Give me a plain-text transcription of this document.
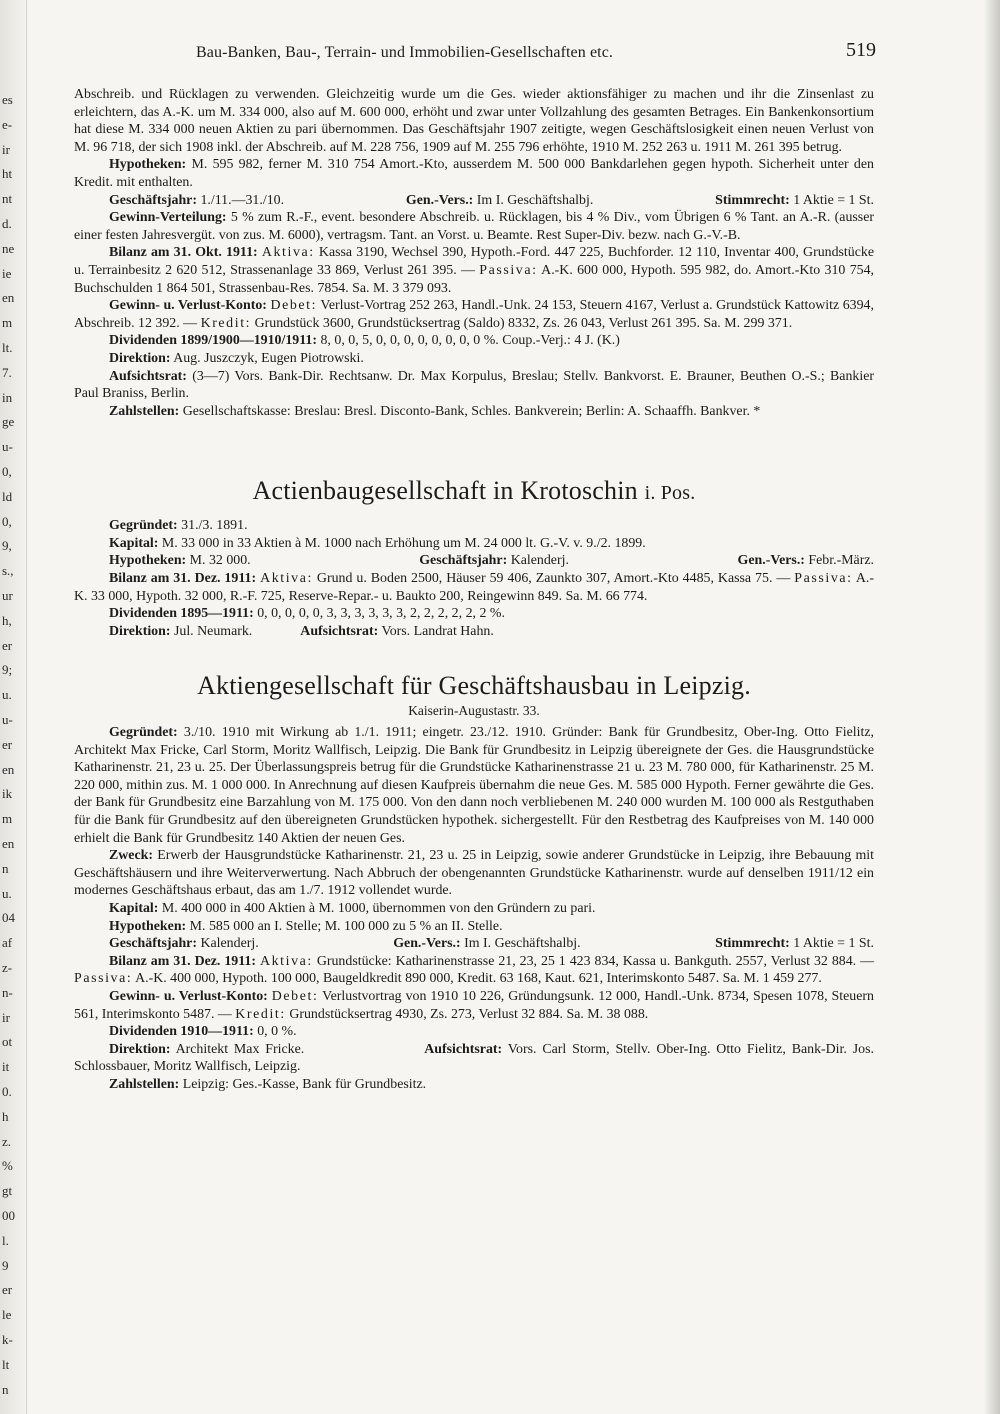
es
e-
ir
ht
nt
d.
ne
ie
en
m
lt.
7.
in
ge
u-
0,
ld
0,
9,
s.,
ur
h,
er
9;
u.
u-
er
en
ik
m
en
n
u.
04
af
z-
n-
ir
ot
it
0.
h
z.
%
gt
00
l.
9
er
le
k-
lt
n
Bau-Banken, Bau-, Terrain- und Immobilien-Gesellschaften etc.	519

Abschreib. und Rücklagen zu verwenden. Gleichzeitig wurde um die Ges. wieder aktionsfähiger zu machen und ihr die Zinsenlast zu erleichtern, das A.-K. um M. 334 000, also auf M. 600 000, erhöht und zwar unter Vollzahlung des gesamten Betrages. Ein Bankenkonsortium hat diese M. 334 000 neuen Aktien zu pari übernommen. Das Geschäftsjahr 1907 zeitigte, wegen Geschäftslosigkeit einen neuen Verlust von M. 96 718, der sich 1908 inkl. der Abschreib. auf M. 228 756, 1909 auf M. 255 796 erhöhte, 1910 M. 252 263 u. 1911 M. 261 395 betrug.

Hypotheken: M. 595 982, ferner M. 310 754 Amort.-Kto, ausserdem M. 500 000 Bankdarlehen gegen hypoth. Sicherheit unter den Kredit. mit enthalten.

Geschäftsjahr: 1./11.—31./10.	Gen.-Vers.: Im I. Geschäftshalbj.	Stimmrecht: 1 Aktie = 1 St.

Gewinn-Verteilung: 5 % zum R.-F., event. besondere Abschreib. u. Rücklagen, bis 4 % Div., vom Übrigen 6 % Tant. an A.-R. (ausser einer festen Jahresvergüt. von zus. M. 6000), vertragsm. Tant. an Vorst. u. Beamte. Rest Super-Div. bezw. nach G.-V.-B.

Bilanz am 31. Okt. 1911: Aktiva: Kassa 3190, Wechsel 390, Hypoth.-Ford. 447 225, Buchforder. 12 110, Inventar 400, Grundstücke u. Terrainbesitz 2 620 512, Strassenanlage 33 869, Verlust 261 395. — Passiva: A.-K. 600 000, Hypoth. 595 982, do. Amort.-Kto 310 754, Buchschulden 1 864 501, Strassenbau-Res. 7854. Sa. M. 3 379 093.

Gewinn- u. Verlust-Konto: Debet: Verlust-Vortrag 252 263, Handl.-Unk. 24 153, Steuern 4167, Verlust a. Grundstück Kattowitz 6394, Abschreib. 12 392. — Kredit: Grundstück 3600, Grundstücksertrag (Saldo) 8332, Zs. 26 043, Verlust 261 395. Sa. M. 299 371.

Dividenden 1899/1900—1910/1911: 8, 0, 0, 5, 0, 0, 0, 0, 0, 0, 0, 0 %. Coup.-Verj.: 4 J. (K.)

Direktion: Aug. Juszczyk, Eugen Piotrowski.

Aufsichtsrat: (3—7) Vors. Bank-Dir. Rechtsanw. Dr. Max Korpulus, Breslau; Stellv. Bankvorst. E. Brauner, Beuthen O.-S.; Bankier Paul Braniss, Berlin.

Zahlstellen: Gesellschaftskasse: Breslau: Bresl. Disconto-Bank, Schles. Bankverein; Berlin: A. Schaaffh. Bankver. *

Actienbaugesellschaft in Krotoschin i. Pos.

Gegründet: 31./3. 1891.

Kapital: M. 33 000 in 33 Aktien à M. 1000 nach Erhöhung um M. 24 000 lt. G.-V. v. 9./2. 1899.

Hypotheken: M. 32 000.	Geschäftsjahr: Kalenderj.	Gen.-Vers.: Febr.-März.

Bilanz am 31. Dez. 1911: Aktiva: Grund u. Boden 2500, Häuser 59 406, Zaunkto 307, Amort.-Kto 4485, Kassa 75. — Passiva: A.-K. 33 000, Hypoth. 32 000, R.-F. 725, Reserve-Repar.- u. Baukto 200, Reingewinn 849. Sa. M. 66 774.

Dividenden 1895—1911: 0, 0, 0, 0, 0, 3, 3, 3, 3, 3, 3, 2, 2, 2, 2, 2, 2 %.

Direktion: Jul. Neumark.	Aufsichtsrat: Vors. Landrat Hahn.

Aktiengesellschaft für Geschäftshausbau in Leipzig.

Kaiserin-Augustastr. 33.

Gegründet: 3./10. 1910 mit Wirkung ab 1./1. 1911; eingetr. 23./12. 1910. Gründer: Bank für Grundbesitz, Ober-Ing. Otto Fielitz, Architekt Max Fricke, Carl Storm, Moritz Wallfisch, Leipzig. Die Bank für Grundbesitz in Leipzig übereignete der Ges. die Hausgrundstücke Katharinenstr. 21, 23 u. 25. Der Überlassungspreis betrug für die Grundstücke Katharinenstrasse 21 u. 23 M. 780 000, für Katharinenstr. 25 M. 220 000, mithin zus. M. 1 000 000. In Anrechnung auf diesen Kaufpreis übernahm die neue Ges. M. 585 000 Hypoth. Ferner gewährte die Ges. der Bank für Grundbesitz eine Barzahlung von M. 175 000. Von den dann noch verbliebenen M. 240 000 wurden M. 100 000 als Restguthaben für die Bank für Grundbesitz auf den übereigneten Grundstücken hypothek. sichergestellt. Für den Restbetrag des Kaufpreises von M. 140 000 erhielt die Bank für Grundbesitz 140 Aktien der neuen Ges.

Zweck: Erwerb der Hausgrundstücke Katharinenstr. 21, 23 u. 25 in Leipzig, sowie anderer Grundstücke in Leipzig, ihre Bebauung mit Geschäftshäusern und ihre Weiterverwertung. Nach Abbruch der obengenannten Grundstücke Katharinenstr. wurde auf denselben 1911/12 ein modernes Geschäftshaus erbaut, das am 1./7. 1912 vollendet wurde.

Kapital: M. 400 000 in 400 Aktien à M. 1000, übernommen von den Gründern zu pari.

Hypotheken: M. 585 000 an I. Stelle; M. 100 000 zu 5 % an II. Stelle.

Geschäftsjahr: Kalenderj.	Gen.-Vers.: Im I. Geschäftshalbj.	Stimmrecht: 1 Aktie = 1 St.

Bilanz am 31. Dez. 1911: Aktiva: Grundstücke: Katharinenstrasse 21, 23, 25 1 423 834, Kassa u. Bankguth. 2557, Verlust 32 884. — Passiva: A.-K. 400 000, Hypoth. 100 000, Baugeldkredit 890 000, Kredit. 63 168, Kaut. 621, Interimskonto 5487. Sa. M. 1 459 277.

Gewinn- u. Verlust-Konto: Debet: Verlustvortrag von 1910 10 226, Gründungsunk. 12 000, Handl.-Unk. 8734, Spesen 1078, Steuern 561, Interimskonto 5487. — Kredit: Grundstücksertrag 4930, Zs. 273, Verlust 32 884. Sa. M. 38 088.

Dividenden 1910—1911: 0, 0 %.

Direktion: Architekt Max Fricke.	Aufsichtsrat: Vors. Carl Storm, Stellv. Ober-Ing. Otto Fielitz, Bank-Dir. Jos. Schlossbauer, Moritz Wallfisch, Leipzig.

Zahlstellen: Leipzig: Ges.-Kasse, Bank für Grundbesitz.
